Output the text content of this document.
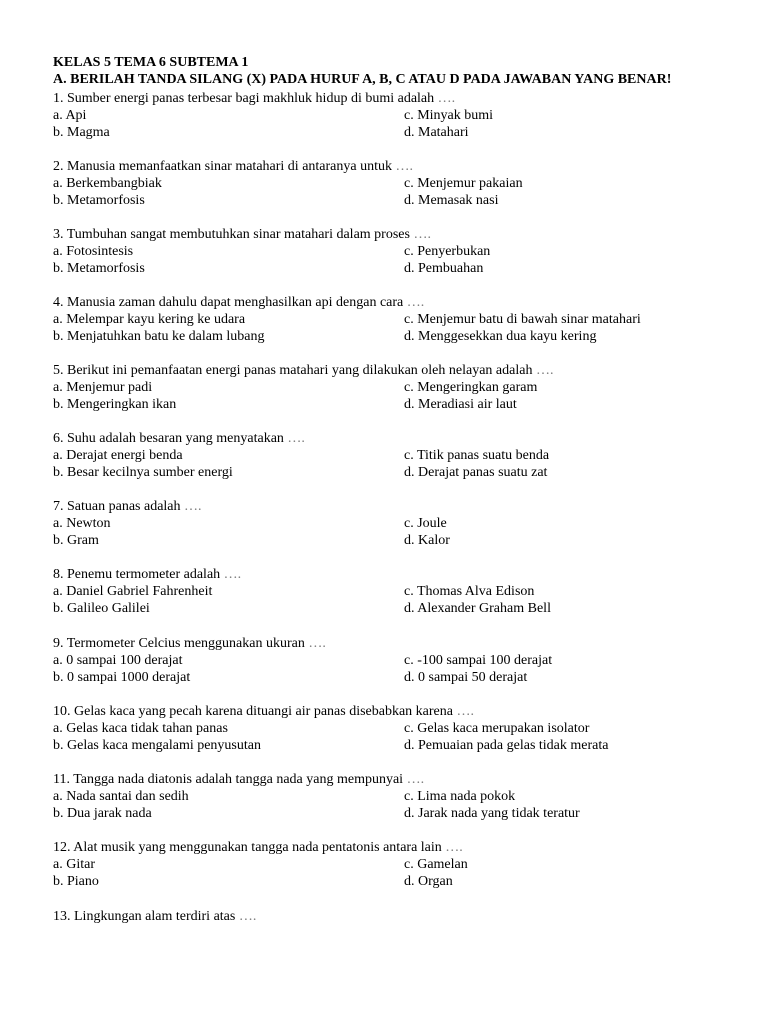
KELAS 5 TEMA 6 SUBTEMA 1
A. BERILAH TANDA SILANG (X) PADA HURUF A, B, C ATAU D PADA JAWABAN YANG BENAR!
1. Sumber energi panas terbesar bagi makhluk hidup di bumi adalah ….
a. Api	c. Minyak bumi
b. Magma	d. Matahari
2. Manusia memanfaatkan sinar matahari di antaranya untuk ….
a. Berkembangbiak	c. Menjemur pakaian
b. Metamorfosis	d. Memasak nasi
3. Tumbuhan sangat membutuhkan sinar matahari dalam proses ….
a. Fotosintesis	c. Penyerbukan
b. Metamorfosis	d. Pembuahan
4. Manusia zaman dahulu dapat menghasilkan api dengan cara ….
a. Melempar kayu kering ke udara	c. Menjemur batu di bawah sinar matahari
b. Menjatuhkan batu ke dalam lubang	d. Menggesekkan dua kayu kering
5. Berikut ini pemanfaatan energi panas matahari yang dilakukan oleh nelayan adalah ….
a. Menjemur padi	c. Mengeringkan garam
b. Mengeringkan ikan	d. Meradiasi air laut
6. Suhu adalah besaran yang menyatakan ….
a. Derajat energi benda	c. Titik panas suatu benda
b. Besar kecilnya sumber energi	d. Derajat panas suatu zat
7. Satuan panas adalah ….
a. Newton	c. Joule
b. Gram	d. Kalor
8. Penemu termometer adalah ….
a. Daniel Gabriel Fahrenheit	c. Thomas Alva Edison
b. Galileo Galilei	d. Alexander Graham Bell
9. Termometer Celcius menggunakan ukuran ….
a. 0 sampai 100 derajat	c. -100 sampai 100 derajat
b. 0 sampai 1000 derajat	d. 0 sampai 50 derajat
10. Gelas kaca yang pecah karena dituangi air panas disebabkan karena ….
a. Gelas kaca tidak tahan panas	c. Gelas kaca merupakan isolator
b. Gelas kaca mengalami penyusutan	d. Pemuaian pada gelas tidak merata
11. Tangga nada diatonis adalah tangga nada yang mempunyai ….
a. Nada santai dan sedih	c. Lima nada pokok
b. Dua jarak nada	d. Jarak nada yang tidak teratur
12. Alat musik yang menggunakan tangga nada pentatonis antara lain ….
a. Gitar	c. Gamelan
b. Piano	d. Organ
13. Lingkungan alam terdiri atas ….
